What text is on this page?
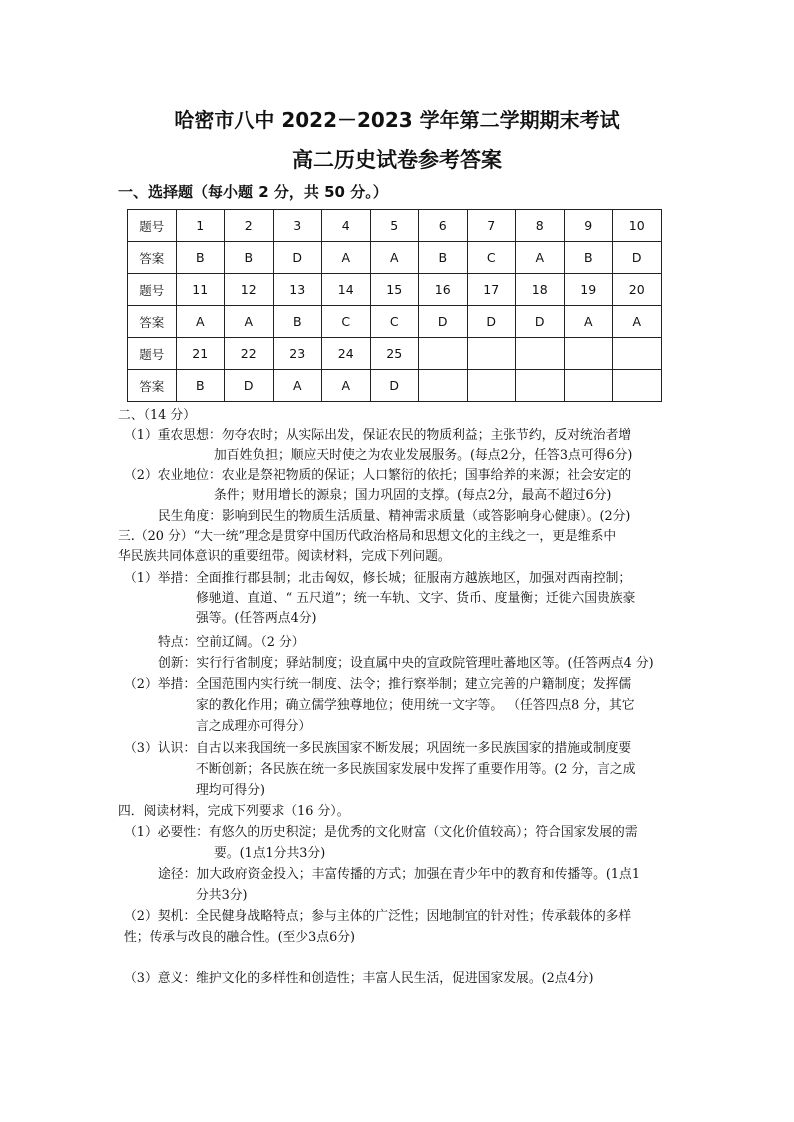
哈密市八中 2022－2023 学年第二学期期末考试
高二历史试卷参考答案
一、选择题（每小题 2 分，共 50 分。）
题号	1	2	3	4	5	6	7	8	9	10
答案	B	B	D	A	A	B	C	A	B	D
题号	11	12	13	14	15	16	17	18	19	20
答案	A	A	B	C	C	D	D	D	A	A
题号	21	22	23	24	25					
答案	B	D	A	A	D					
二、（14 分）
（1）重农思想：勿夺农时；从实际出发，保证农民的物质利益；主张节约，反对统治者增
加百姓负担；顺应天时使之为农业发展服务。(每点2分，任答3点可得6分)
（2）农业地位：农业是祭祀物质的保证；人口繁衍的依托；国事给养的来源；社会安定的
条件；财用增长的源泉；国力巩固的支撑。(每点2分，最高不超过6分)
民生角度：影响到民生的物质生活质量、精神需求质量（或答影响身心健康）。(2分)
三.（20 分）“大一统”理念是贯穿中国历代政治格局和思想文化的主线之一，更是维系中
华民族共同体意识的重要纽带。阅读材料，完成下列问题。
（1）举措：全面推行郡县制；北击匈奴，修长城；征服南方越族地区，加强对西南控制；
修驰道、直道、“ 五尺道”；统一车轨、文字、货币、度量衡；迁徙六国贵族豪
强等。(任答两点4分)
特点：空前辽阔。（2 分）
创新：实行行省制度；驿站制度；设直属中央的宣政院管理吐蕃地区等。(任答两点4 分)
（2）举措：全国范围内实行统一制度、法令；推行察举制；建立完善的户籍制度；发挥儒
家的教化作用；确立儒学独尊地位；使用统一文字等。 （任答四点8 分，其它
言之成理亦可得分）
（3）认识：自古以来我国统一多民族国家不断发展；巩固统一多民族国家的措施或制度要
不断创新；各民族在统一多民族国家发展中发挥了重要作用等。(2 分，言之成
理均可得分)
四．阅读材料，完成下列要求（16 分）。
（1）必要性：有悠久的历史积淀；是优秀的文化财富（文化价值较高）；符合国家发展的需
要。(1点1分共3分)
途径：加大政府资金投入；丰富传播的方式；加强在青少年中的教育和传播等。(1点1
分共3分)
（2）契机：全民健身战略特点；参与主体的广泛性；因地制宜的针对性；传承载体的多样
性；传承与改良的融合性。(至少3点6分)
（3）意义：维护文化的多样性和创造性；丰富人民生活，促进国家发展。(2点4分)
